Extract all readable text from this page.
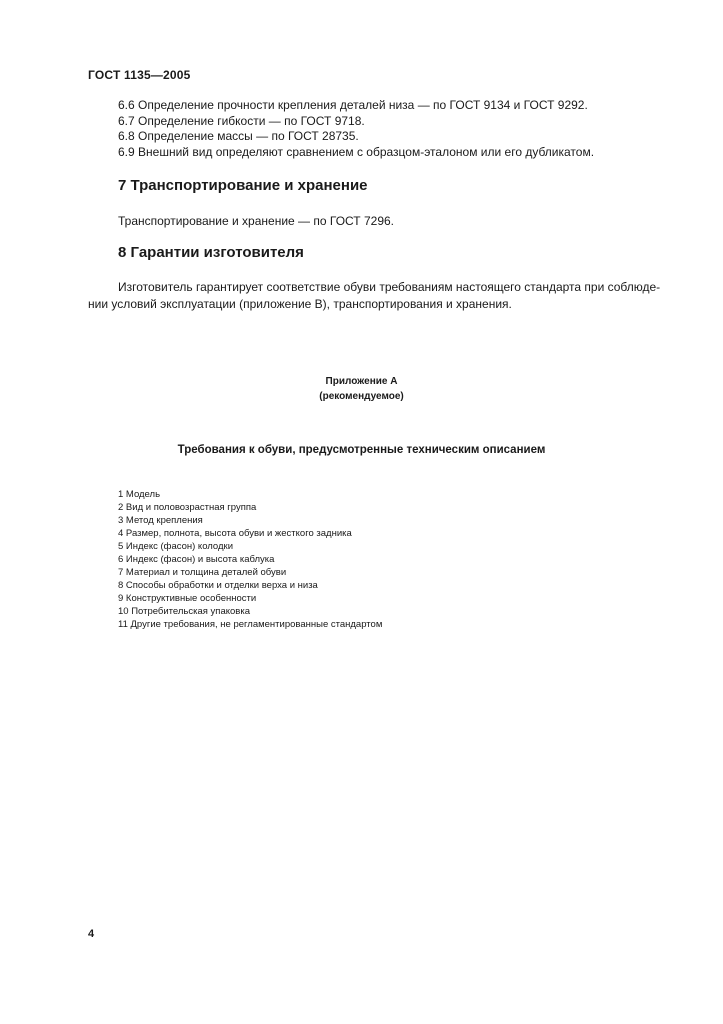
ГОСТ 1135—2005
6.6 Определение прочности крепления деталей низа — по ГОСТ 9134 и ГОСТ 9292.
6.7 Определение гибкости — по ГОСТ 9718.
6.8 Определение массы — по ГОСТ 28735.
6.9 Внешний вид определяют сравнением с образцом-эталоном или его дубликатом.
7 Транспортирование и хранение
Транспортирование и хранение — по ГОСТ 7296.
8 Гарантии изготовителя
Изготовитель гарантирует соответствие обуви требованиям настоящего стандарта при соблюде-
нии условий эксплуатации (приложение В), транспортирования и хранения.
Приложение А
(рекомендуемое)
Требования к обуви, предусмотренные техническим описанием
1 Модель
2 Вид и половозрастная группа
3 Метод крепления
4 Размер, полнота, высота обуви и жесткого задника
5 Индекс (фасон) колодки
6 Индекс (фасон) и высота каблука
7 Материал и толщина деталей обуви
8 Способы обработки и отделки верха и низа
9 Конструктивные особенности
10 Потребительская упаковка
11 Другие требования, не регламентированные стандартом
4
